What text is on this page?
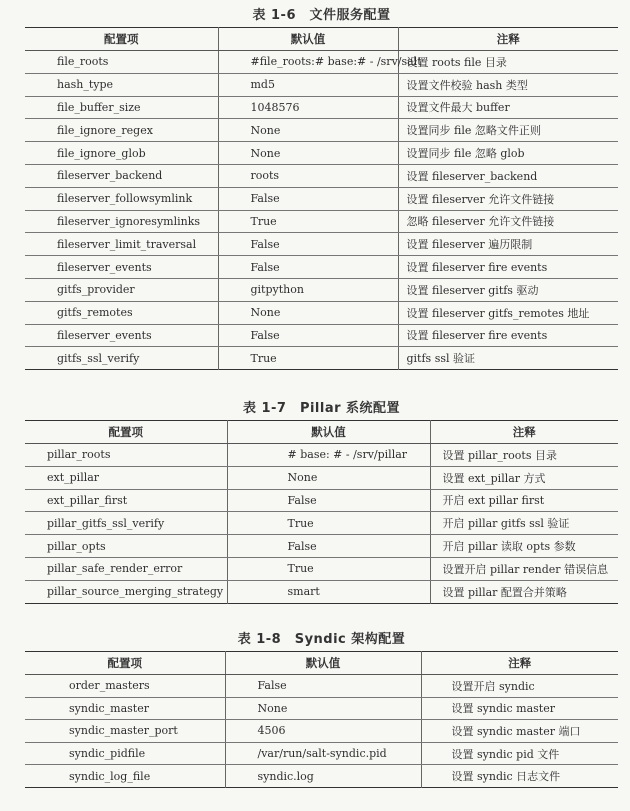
表 1-6　文件服务配置
配置项	默认值	注释
file_roots	#file_roots:# base:# - /srv/salt	设置 roots file 目录
hash_type	md5	设置文件校验 hash 类型
file_buffer_size	1048576	设置文件最大 buffer
file_ignore_regex	None	设置同步 file 忽略文件正则
file_ignore_glob	None	设置同步 file 忽略 glob
fileserver_backend	roots	设置 fileserver_backend
fileserver_followsymlink	False	设置 fileserver 允许文件链接
fileserver_ignoresymlinks	True	忽略 fileserver 允许文件链接
fileserver_limit_traversal	False	设置 fileserver 遍历限制
fileserver_events	False	设置 fileserver fire events
gitfs_provider	gitpython	设置 fileserver gitfs 驱动
gitfs_remotes	None	设置 fileserver gitfs_remotes 地址
fileserver_events	False	设置 fileserver fire events
gitfs_ssl_verify	True	gitfs ssl 验证
表 1-7　Pillar 系统配置
配置项	默认值	注释
pillar_roots	# base: # - /srv/pillar	设置 pillar_roots 目录
ext_pillar	None	设置 ext_pillar 方式
ext_pillar_first	False	开启 ext pillar first
pillar_gitfs_ssl_verify	True	开启 pillar gitfs ssl 验证
pillar_opts	False	开启 pillar 读取 opts 参数
pillar_safe_render_error	True	设置开启 pillar render 错误信息
pillar_source_merging_strategy	smart	设置 pillar 配置合并策略
表 1-8　Syndic 架构配置
配置项	默认值	注释
order_masters	False	设置开启 syndic
syndic_master	None	设置 syndic master
syndic_master_port	4506	设置 syndic master 端口
syndic_pidfile	/var/run/salt-syndic.pid	设置 syndic pid 文件
syndic_log_file	syndic.log	设置 syndic 日志文件
